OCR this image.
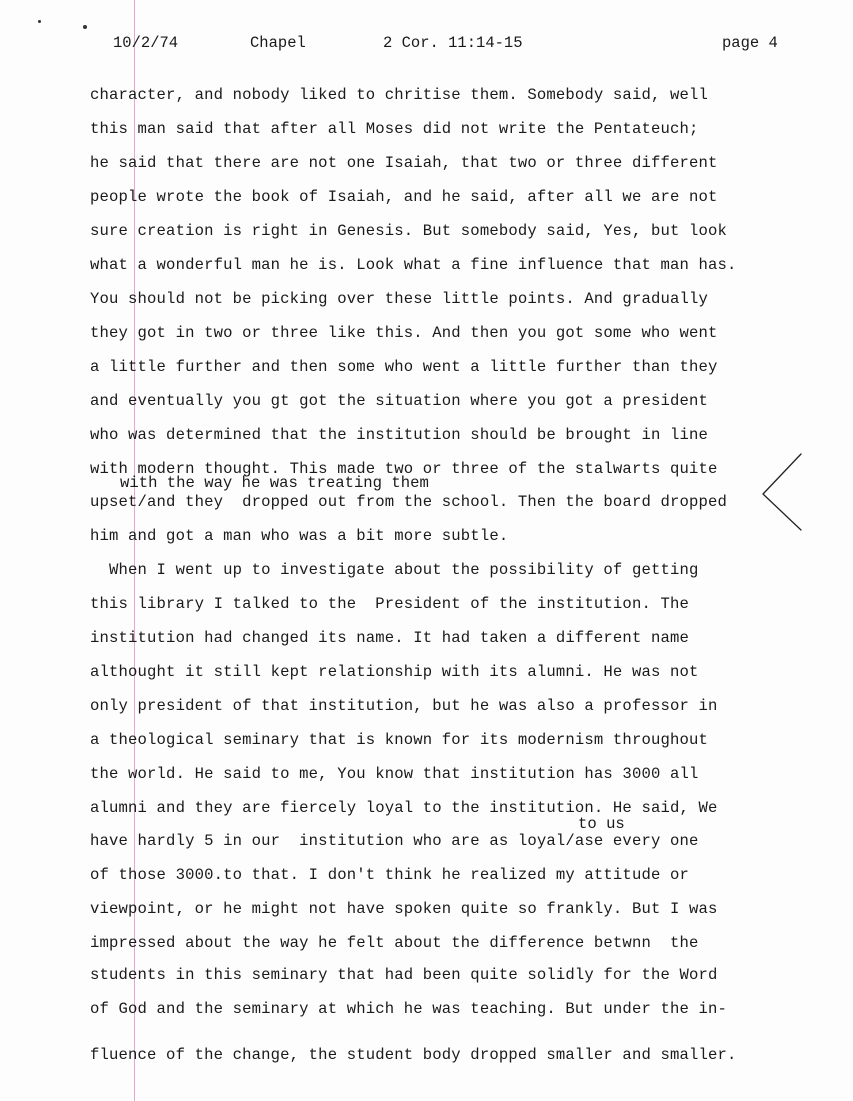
10/2/74	Chapel	2 Cor. 11:14-15	page 4
character, and nobody liked to chritise them. Somebody said, well
this man said that after all Moses did not write the Pentateuch;
he said that there are not one Isaiah, that two or three different
people wrote the book of Isaiah, and he said, after all we are not
sure creation is right in Genesis. But somebody said, Yes, but look
what a wonderful man he is. Look what a fine influence that man has.
You should not be picking over these little points. And gradually
they got in two or three like this. And then you got some who went
a little further and then some who went a little further than they
and eventually you gt got the situation where you got a president
who was determined that the institution should be brought in line
with modern thought. This made two or three of the stalwarts quite
with the way he was treating them
upset/and they  dropped out from the school. Then the board dropped
him and got a man who was a bit more subtle.
When I went up to investigate about the possibility of getting
this library I talked to the  President of the institution. The
institution had changed its name. It had taken a different name
althought it still kept relationship with its alumni. He was not
only president of that institution, but he was also a professor in
a theological seminary that is known for its modernism throughout
the world. He said to me, You know that institution has 3000 all
alumni and they are fiercely loyal to the institution. He said, We
to us
have hardly 5 in our  institution who are as loyal/ase every one
of those 3000.to that. I don't think he realized my attitude or
viewpoint, or he might not have spoken quite so frankly. But I was
impressed about the way he felt about the difference betwnn  the
students in this seminary that had been quite solidly for the Word
of God and the seminary at which he was teaching. But under the in-
fluence of the change, the student body dropped smaller and smaller.
